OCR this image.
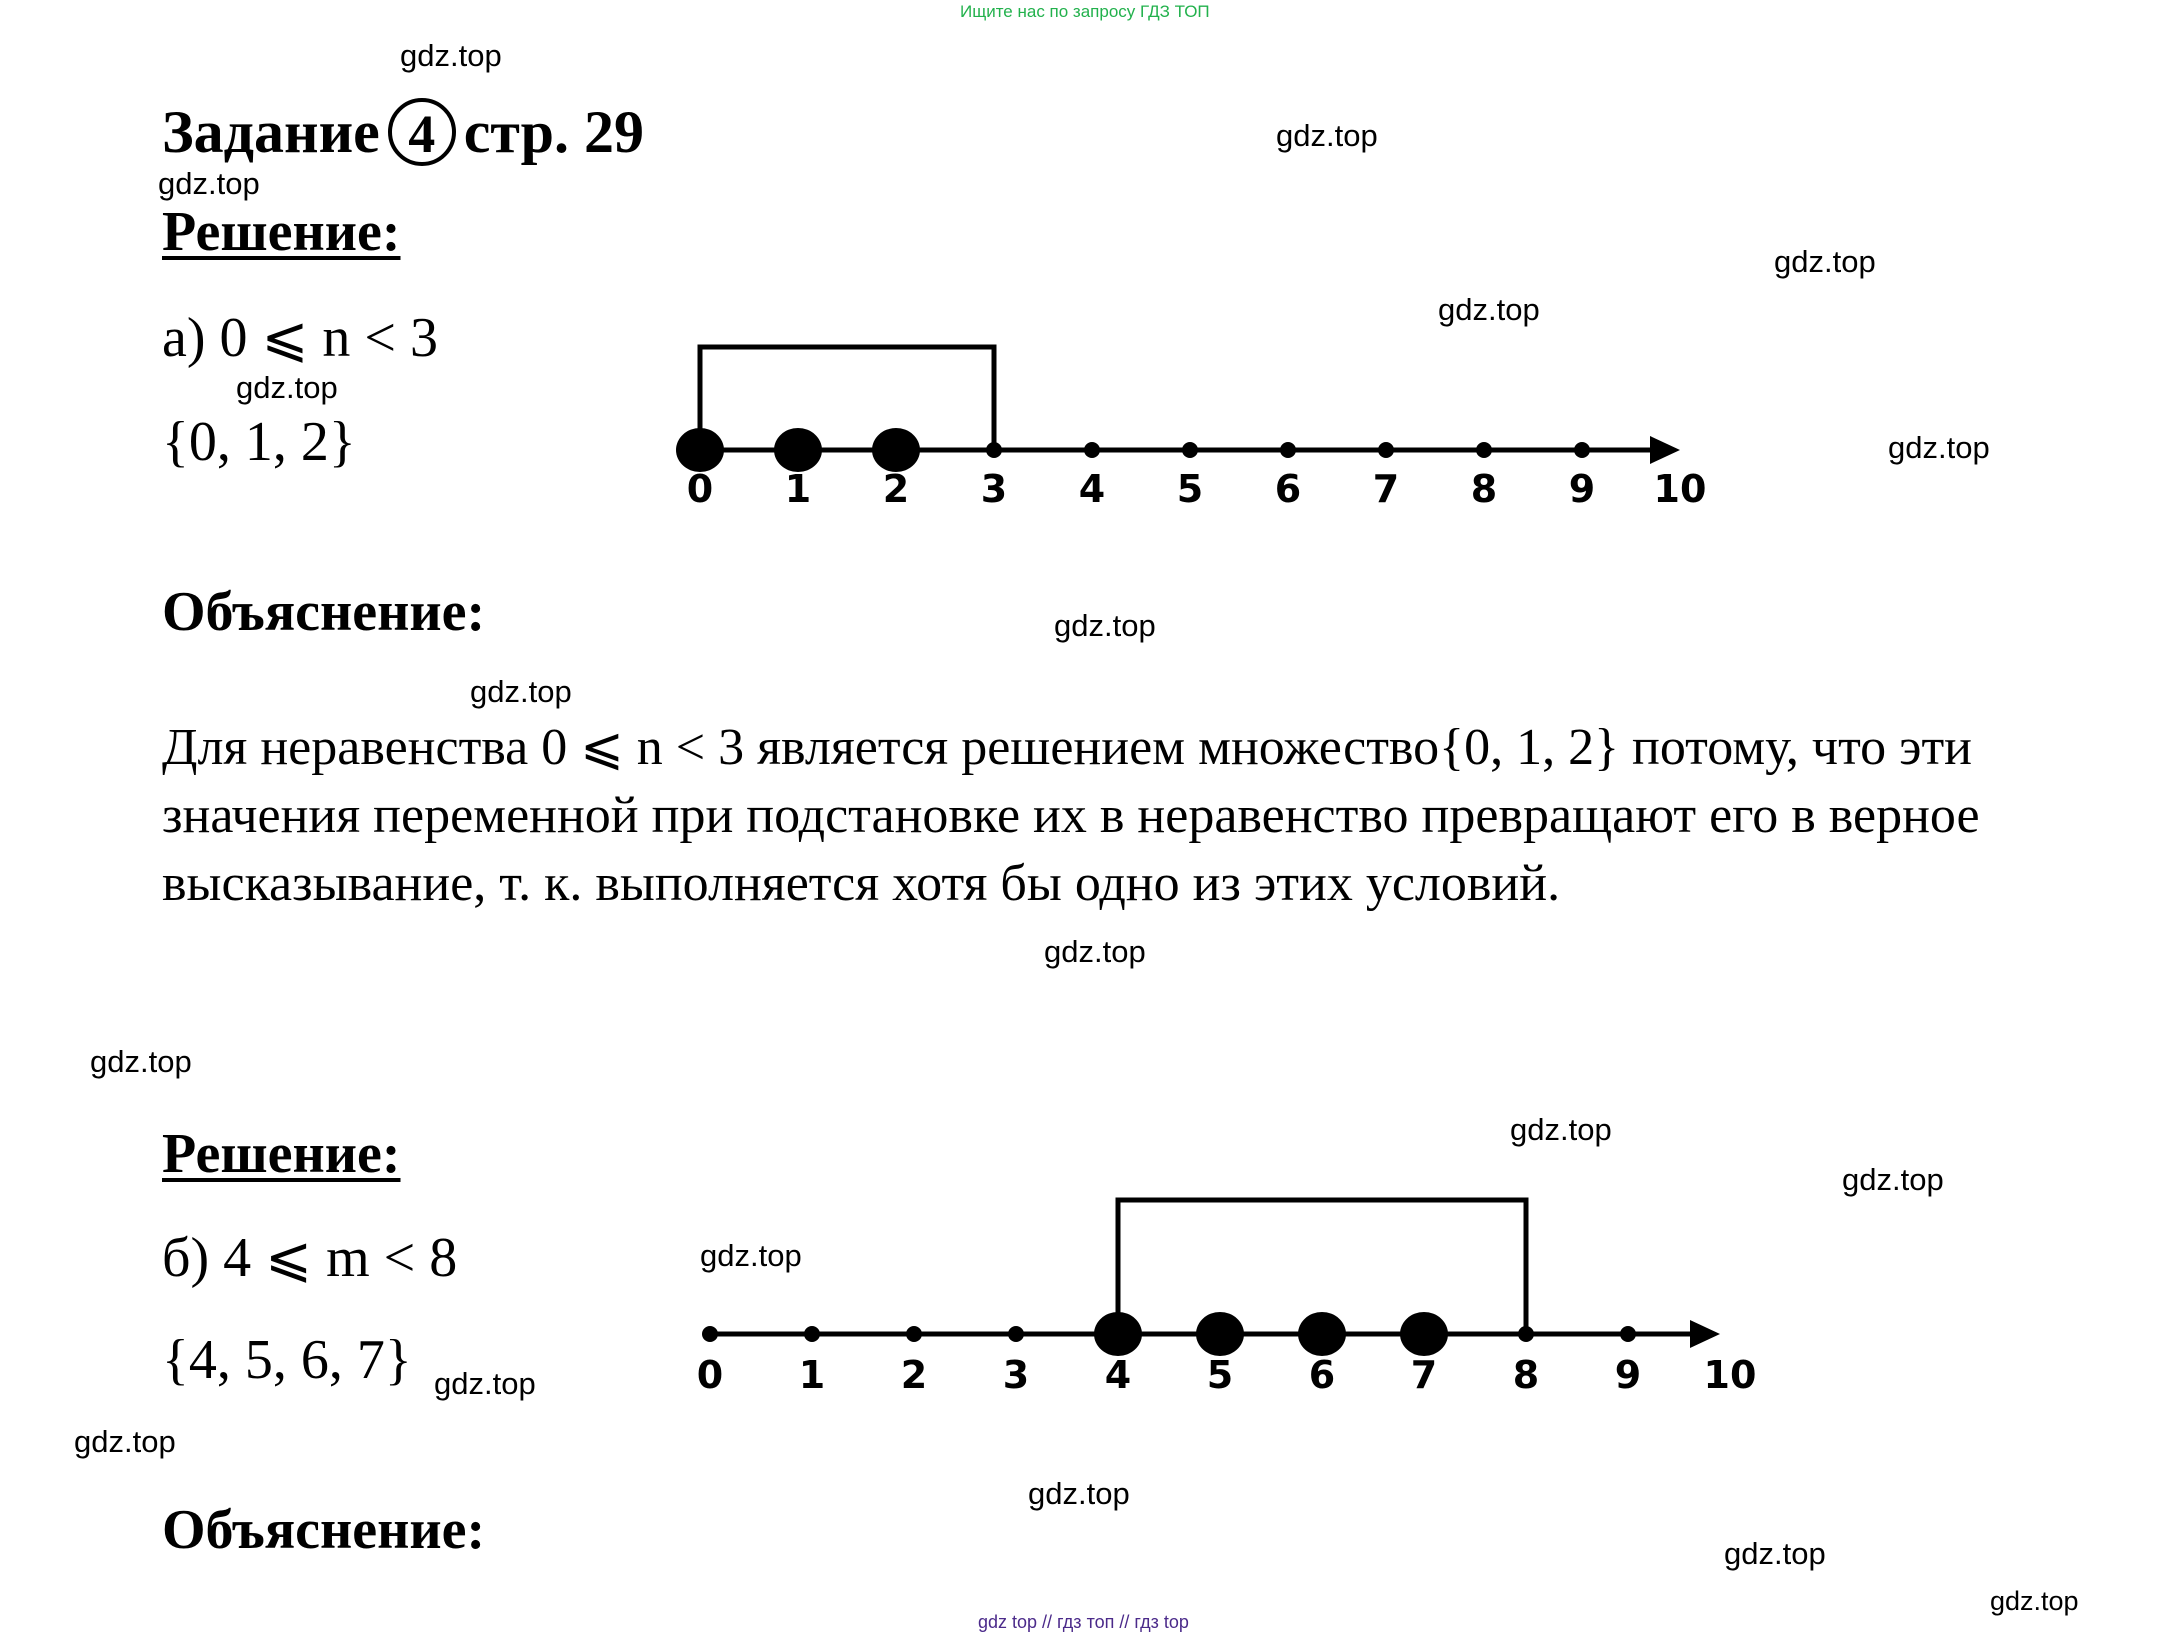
Ищите нас по запросу ГДЗ ТОП
Задание 4 стр. 29
Решение:
а) 0 ⩽ n < 3
{0, 1, 2}
0 1 2 3 4 5 6 7 8 9 10
Объяснение:
Для неравенства 0 ⩽ n < 3 является решением множество{0, 1, 2} потому, что эти значения переменной при подстановке их в неравенство превращают его в верное высказывание, т. к. выполняется хотя бы одно из этих условий.
Решение:
б) 4 ⩽ m < 8
{4, 5, 6, 7}	0 1 2 3 4 5 6 7 8 9 10
Объяснение:
gdz.top
gdz.top
gdz.top
gdz.top
gdz.top
gdz.top
gdz.top
gdz.top
gdz.top
gdz.top
gdz.top
gdz.top
gdz.top
gdz.top
gdz.top
gdz.top
gdz.top
gdz.top
gdz.top
gdz top // гдз топ // гдз top
